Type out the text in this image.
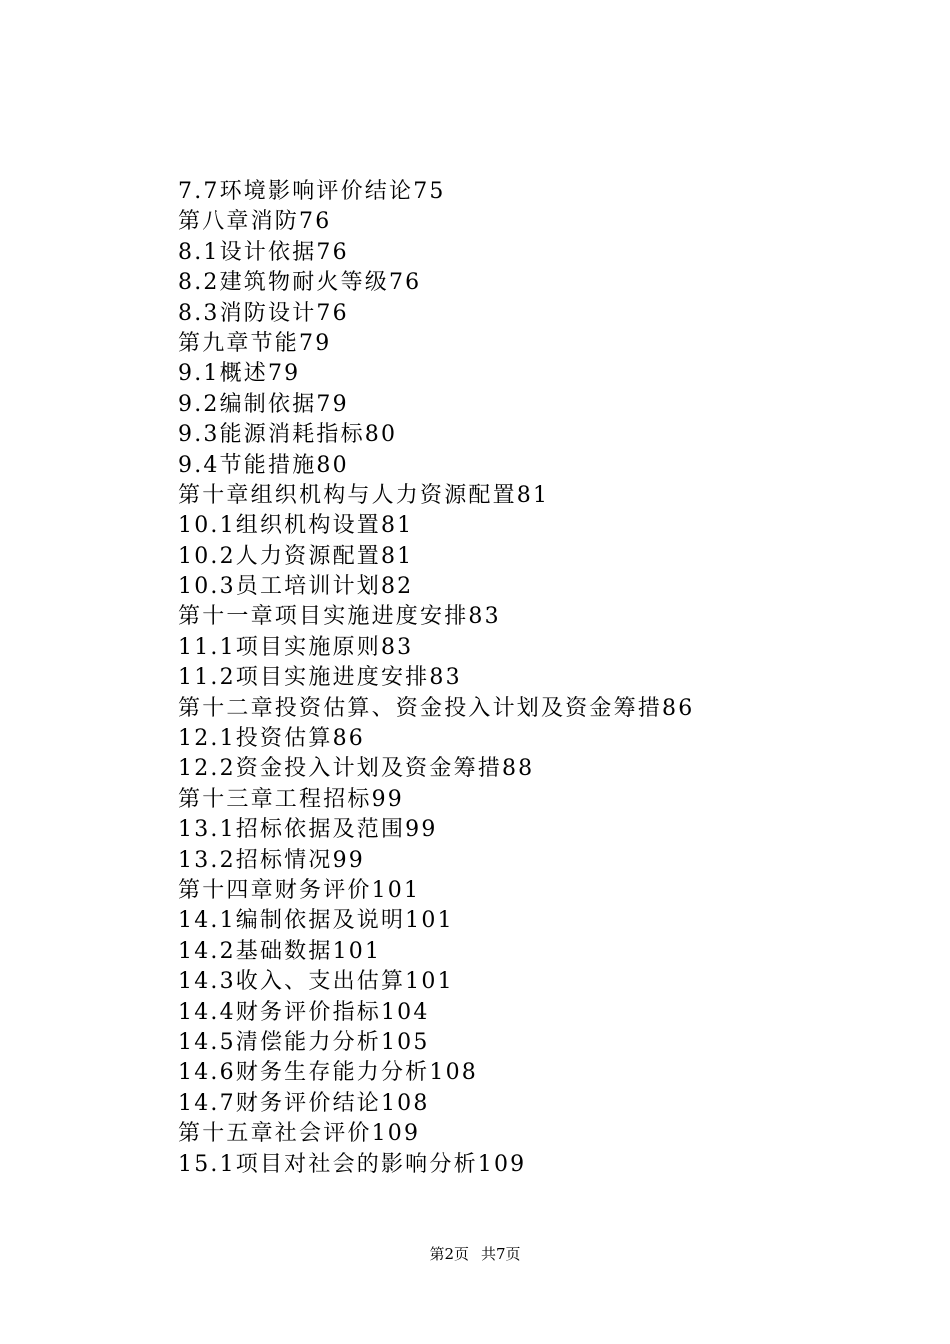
7.7环境影响评价结论75
第八章消防76
8.1设计依据76
8.2建筑物耐火等级76
8.3消防设计76
第九章节能79
9.1概述79
9.2编制依据79
9.3能源消耗指标80
9.4节能措施80
第十章组织机构与人力资源配置81
10.1组织机构设置81
10.2人力资源配置81
10.3员工培训计划82
第十一章项目实施进度安排83
11.1项目实施原则83
11.2项目实施进度安排83
第十二章投资估算、资金投入计划及资金筹措86
12.1投资估算86
12.2资金投入计划及资金筹措88
第十三章工程招标99
13.1招标依据及范围99
13.2招标情况99
第十四章财务评价101
14.1编制依据及说明101
14.2基础数据101
14.3收入、支出估算101
14.4财务评价指标104
14.5清偿能力分析105
14.6财务生存能力分析108
14.7财务评价结论108
第十五章社会评价109
15.1项目对社会的影响分析109
第2页 共7页
